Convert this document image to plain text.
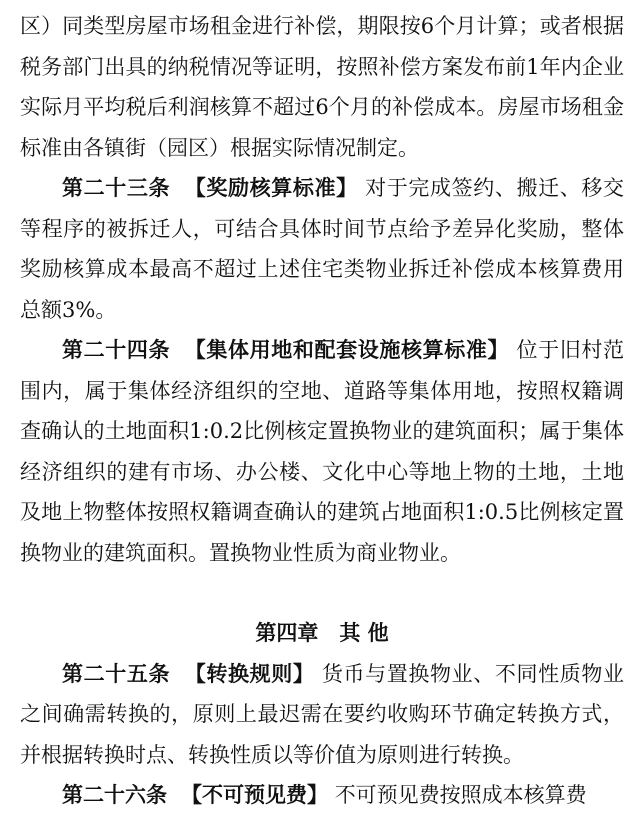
区）同类型房屋市场租金进行补偿，期限按6个月计算；或者根据税务部门出具的纳税情况等证明，按照补偿方案发布前1年内企业实际月平均税后利润核算不超过6个月的补偿成本。房屋市场租金标准由各镇街（园区）根据实际情况制定。

第二十三条 【奖励核算标准】 对于完成签约、搬迁、移交等程序的被拆迁人，可结合具体时间节点给予差异化奖励，整体奖励核算成本最高不超过上述住宅类物业拆迁补偿成本核算费用总额3%。

第二十四条 【集体用地和配套设施核算标准】 位于旧村范围内，属于集体经济组织的空地、道路等集体用地，按照权籍调查确认的土地面积1:0.2比例核定置换物业的建筑面积；属于集体经济组织的建有市场、办公楼、文化中心等地上物的土地，土地及地上物整体按照权籍调查确认的建筑占地面积1:0.5比例核定置换物业的建筑面积。置换物业性质为商业物业。

第四章　其 他

第二十五条 【转换规则】 货币与置换物业、不同性质物业之间确需转换的，原则上最迟需在要约收购环节确定转换方式，并根据转换时点、转换性质以等价值为原则进行转换。

第二十六条 【不可预见费】 不可预见费按照成本核算费
